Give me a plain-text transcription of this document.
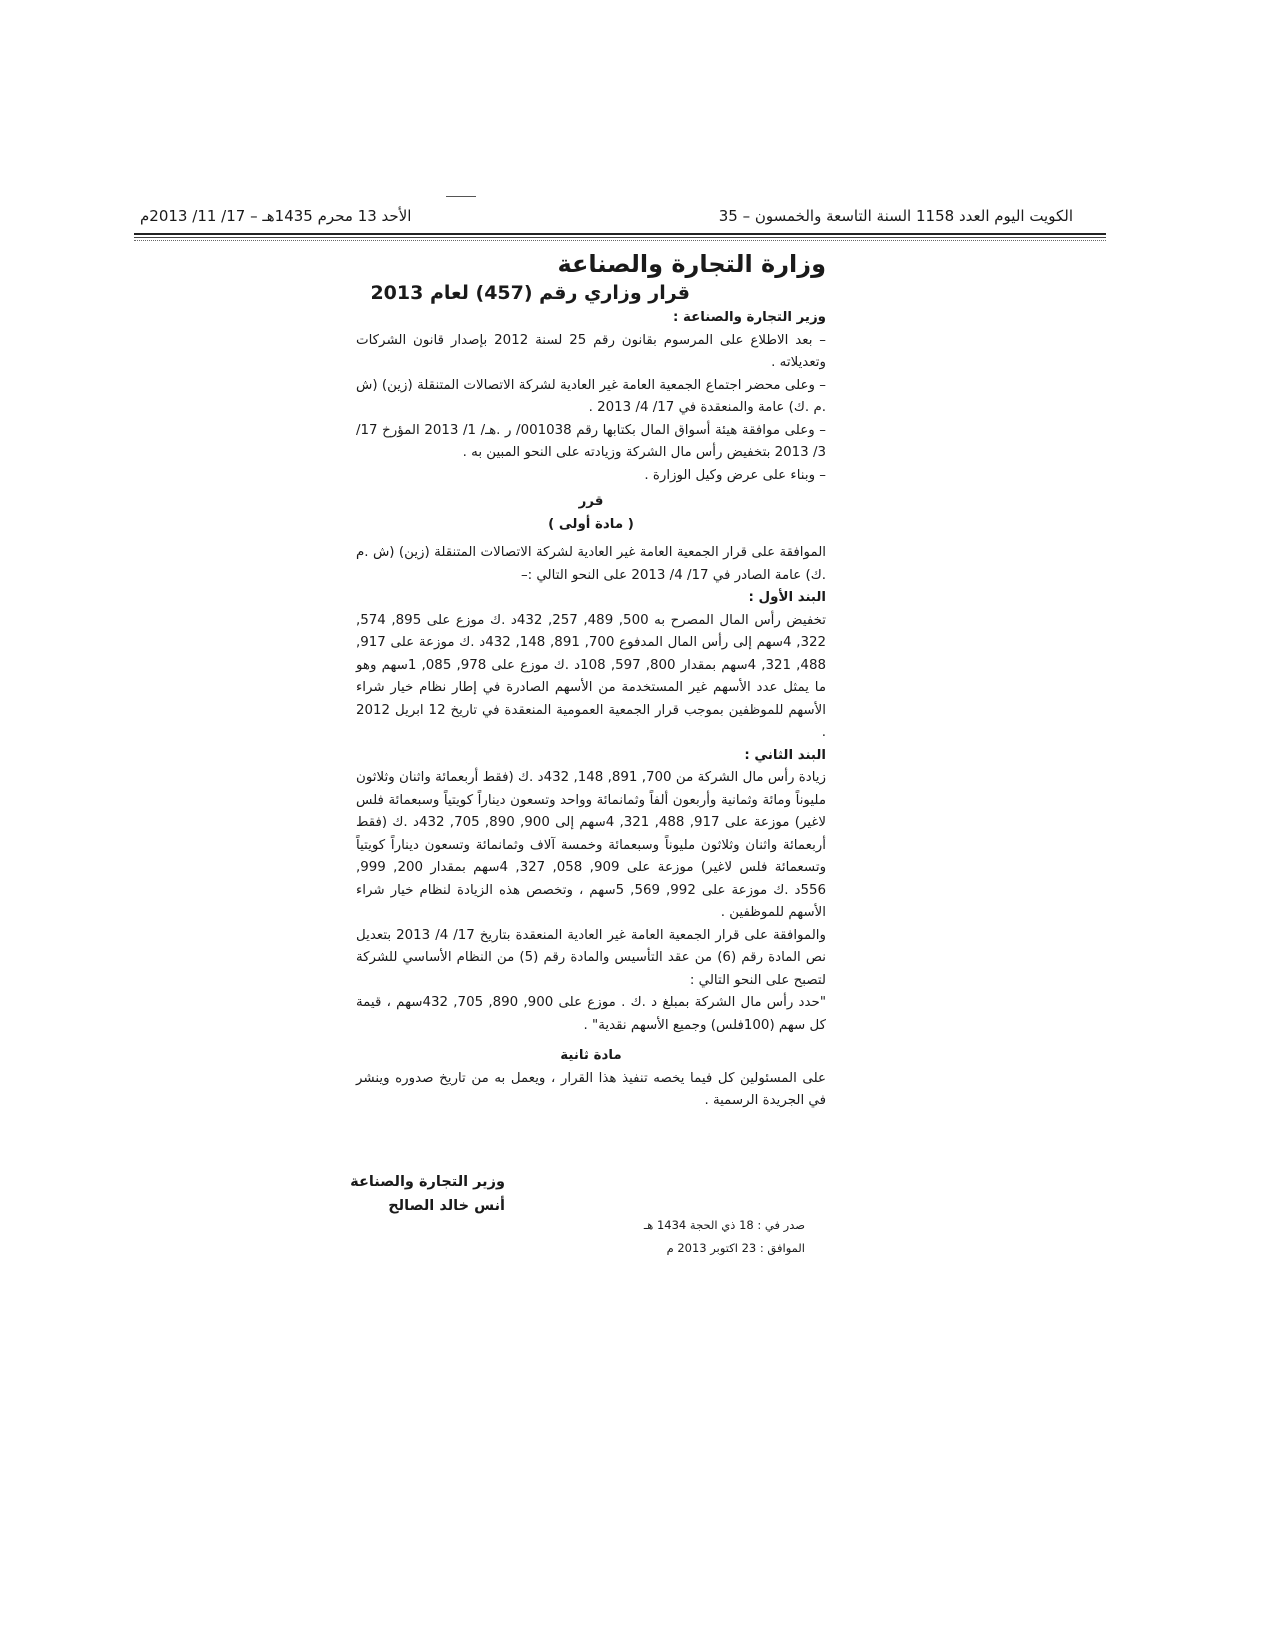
الكويت اليوم العدد 1158 السنة التاسعة والخمسون – 35
الأحد 13 محرم 1435هـ – 17/ 11/ 2013م
وزارة التجارة والصناعة
قرار وزاري رقم (457) لعام 2013

وزير التجارة والصناعة :

– بعد الاطلاع على المرسوم بقانون رقم 25 لسنة 2012 بإصدار قانون الشركات وتعديلاته .

– وعلى محضر اجتماع الجمعية العامة غير العادية لشركة الاتصالات المتنقلة (زين) (ش .م .ك) عامة والمنعقدة في 17/ 4/ 2013 .

– وعلى موافقة هيئة أسواق المال بكتابها رقم 001038/ ر .هـ/ 1/ 2013 المؤرخ 17/ 3/ 2013 بتخفيض رأس مال الشركة وزيادته على النحو المبين به .

– وبناء على عرض وكيل الوزارة .

قرر

( مادة أولى )

الموافقة على قرار الجمعية العامة غير العادية لشركة الاتصالات المتنقلة (زين) (ش .م .ك) عامة الصادر في 17/ 4/ 2013 على النحو التالي :–

البند الأول :

تخفيض رأس المال المصرح به 500, 489, 257, 432د .ك موزع على 895, 574, 322, 4سهم إلى رأس المال المدفوع 700, 891, 148, 432د .ك موزعة على 917, 488, 321, 4سهم بمقدار 800, 597, 108د .ك موزع على 978, 085, 1سهم وهو ما يمثل عدد الأسهم غير المستخدمة من الأسهم الصادرة في إطار نظام خيار شراء الأسهم للموظفين بموجب قرار الجمعية العمومية المنعقدة في تاريخ 12 ابريل 2012 .

البند الثاني :

زيادة رأس مال الشركة من 700, 891, 148, 432د .ك (فقط أربعمائة واثنان وثلاثون مليوناً ومائة وثمانية وأربعون ألفاً وثمانمائة وواحد وتسعون ديناراً كويتياً وسبعمائة فلس لاغير) موزعة على 917, 488, 321, 4سهم إلى 900, 890, 705, 432د .ك (فقط أربعمائة واثنان وثلاثون مليوناً وسبعمائة وخمسة آلاف وثمانمائة وتسعون ديناراً كويتياً وتسعمائة فلس لاغير) موزعة على 909, 058, 327, 4سهم بمقدار 200, 999, 556د .ك موزعة على 992, 569, 5سهم ، وتخصص هذه الزيادة لنظام خيار شراء الأسهم للموظفين .

والموافقة على قرار الجمعية العامة غير العادية المنعقدة بتاريخ 17/ 4/ 2013 بتعديل نص المادة رقم (6) من عقد التأسيس والمادة رقم (5) من النظام الأساسي للشركة لتصبح على النحو التالي :

"حدد رأس مال الشركة بمبلغ د .ك . موزع على 900, 890, 705, 432سهم ، قيمة كل سهم (100فلس) وجميع الأسهم نقدية" .

مادة ثانية

على المسئولين كل فيما يخصه تنفيذ هذا القرار ، ويعمل به من تاريخ صدوره وينشر في الجريدة الرسمية .

وزير التجارة والصناعة
أنس خالد الصالح
صدر في : 18 ذي الحجة 1434 هـ
الموافق : 23 اكتوبر 2013 م
